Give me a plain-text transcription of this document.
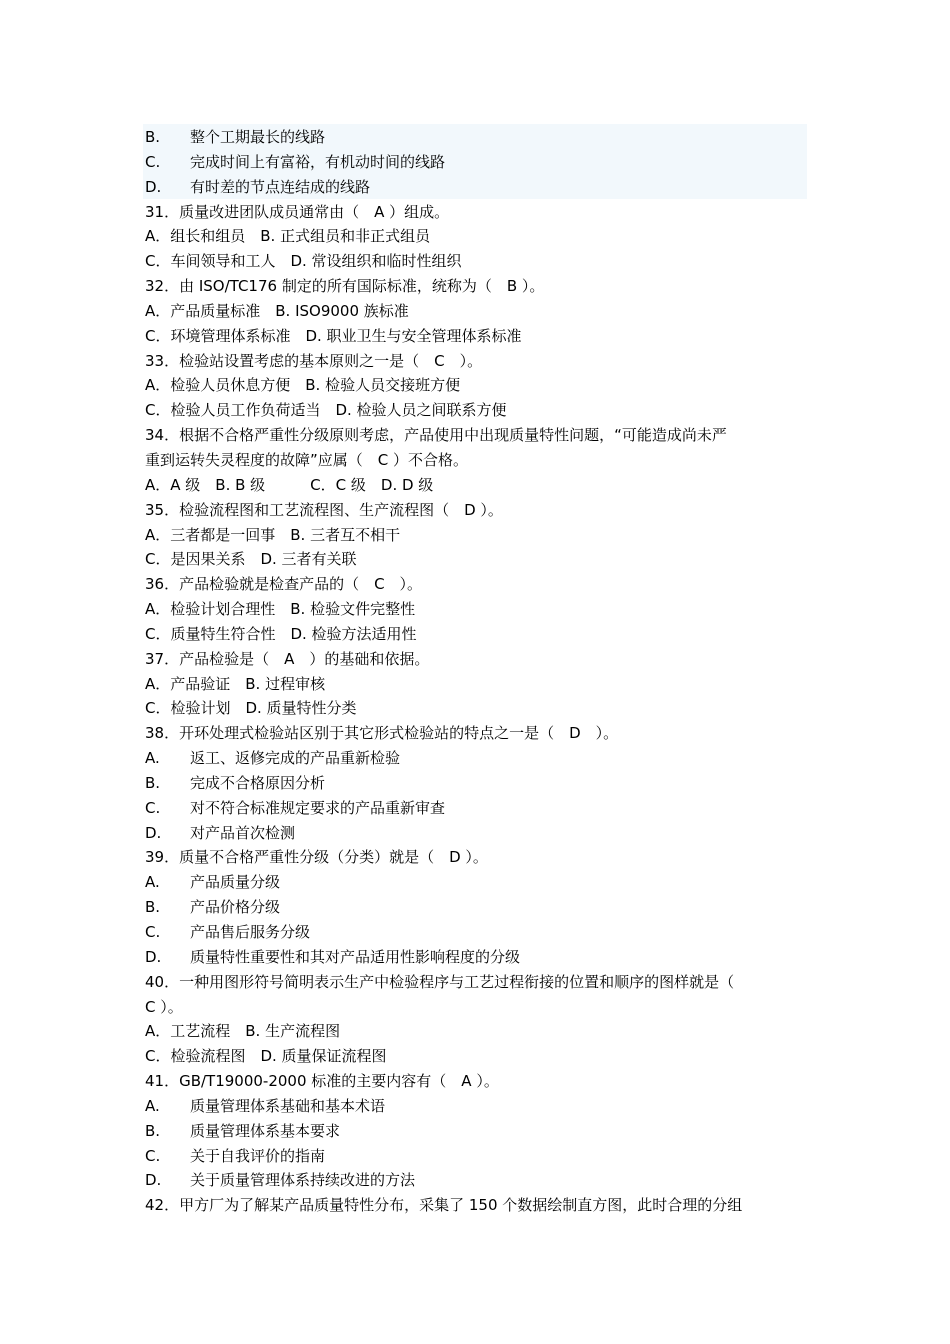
B. 整个工期最长的线路
C. 完成时间上有富裕，有机动时间的线路
D. 有时差的节点连结成的线路
31．质量改进团队成员通常由（　A ）组成。
A．组长和组员　B. 正式组员和非正式组员
C．车间领导和工人　D. 常设组织和临时性组织
32．由 ISO/TC176 制定的所有国际标准，统称为（　B ）。
A．产品质量标准　B. ISO9000 族标准
C．环境管理体系标准　D. 职业卫生与安全管理体系标准
33．检验站设置考虑的基本原则之一是（　C　）。
A．检验人员休息方便　B. 检验人员交接班方便
C．检验人员工作负荷适当　D. 检验人员之间联系方便
34．根据不合格严重性分级原则考虑，产品使用中出现质量特性问题，“可能造成尚未严
重到运转失灵程度的故障”应属（　C ）不合格。
A．A 级　B. B 级　　　C．C 级　D. D 级
35．检验流程图和工艺流程图、生产流程图（　D ）。
A．三者都是一回事　B. 三者互不相干
C．是因果关系　D. 三者有关联
36．产品检验就是检查产品的（　C　）。
A．检验计划合理性　B. 检验文件完整性
C．质量特生符合性　D. 检验方法适用性
37．产品检验是（　A　）的基础和依据。
A．产品验证　B. 过程审核
C．检验计划　D. 质量特性分类
38．开环处理式检验站区别于其它形式检验站的特点之一是（　D　）。
A. 返工、返修完成的产品重新检验
B. 完成不合格原因分析
C. 对不符合标准规定要求的产品重新审查
D. 对产品首次检测
39．质量不合格严重性分级（分类）就是（　D ）。
A. 产品质量分级
B. 产品价格分级
C. 产品售后服务分级
D. 质量特性重要性和其对产品适用性影响程度的分级
40．一种用图形符号简明表示生产中检验程序与工艺过程衔接的位置和顺序的图样就是（
C ）。
A．工艺流程　B. 生产流程图
C．检验流程图　D. 质量保证流程图
41．GB/T19000-2000 标准的主要内容有（　A ）。
A. 质量管理体系基础和基本术语
B. 质量管理体系基本要求
C. 关于自我评价的指南
D. 关于质量管理体系持续改进的方法
42．甲方厂为了解某产品质量特性分布，采集了 150 个数据绘制直方图，此时合理的分组
